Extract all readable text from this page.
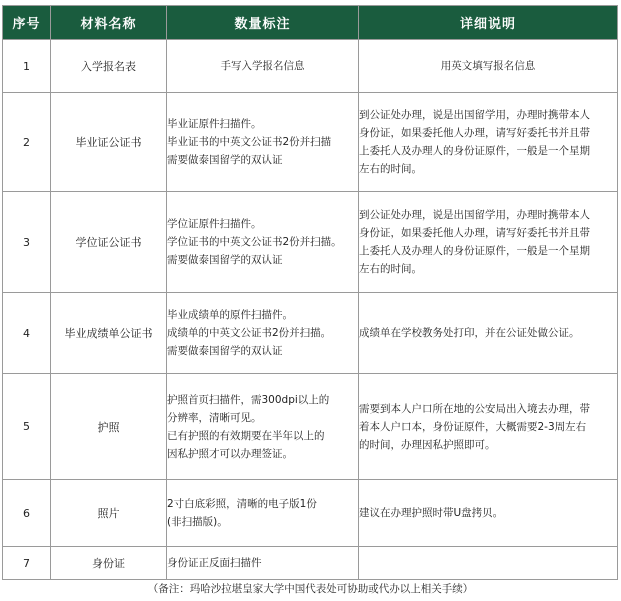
序号	材料名称	数量标注	详细说明
1	入学报名表	手写入学报名信息	用英文填写报名信息

2	毕业证公证书	毕业证原件扫描件。
毕业证书的中英文公证书2份并扫描
需要做泰国留学的双认证	到公证处办理，说是出国留学用，办理时携带本人
身份证，如果委托他人办理，请写好委托书并且带
上委托人及办理人的身份证原件，一般是一个星期
左右的时间。

3	学位证公证书	学位证原件扫描件。
学位证书的中英文公证书2份并扫描。
需要做泰国留学的双认证	到公证处办理，说是出国留学用，办理时携带本人
身份证，如果委托他人办理，请写好委托书并且带
上委托人及办理人的身份证原件，一般是一个星期
左右的时间。

4	毕业成绩单公证书	毕业成绩单的原件扫描件。
成绩单的中英文公证书2份并扫描。
需要做泰国留学的双认证	成绩单在学校教务处打印，并在公证处做公证。

5	护照	护照首页扫描件，需300dpi以上的
分辨率，清晰可见。
已有护照的有效期要在半年以上的
因私护照才可以办理签证。	需要到本人户口所在地的公安局出入境去办理，带
着本人户口本，身份证原件，大概需要2-3周左右
的时间，办理因私护照即可。

6	照片	2寸白底彩照，清晰的电子版1份
(非扫描版)。	建议在办理护照时带U盘拷贝。

7	身份证	身份证正反面扫描件	

（备注：玛哈沙拉堪皇家大学中国代表处可协助或代办以上相关手续）
